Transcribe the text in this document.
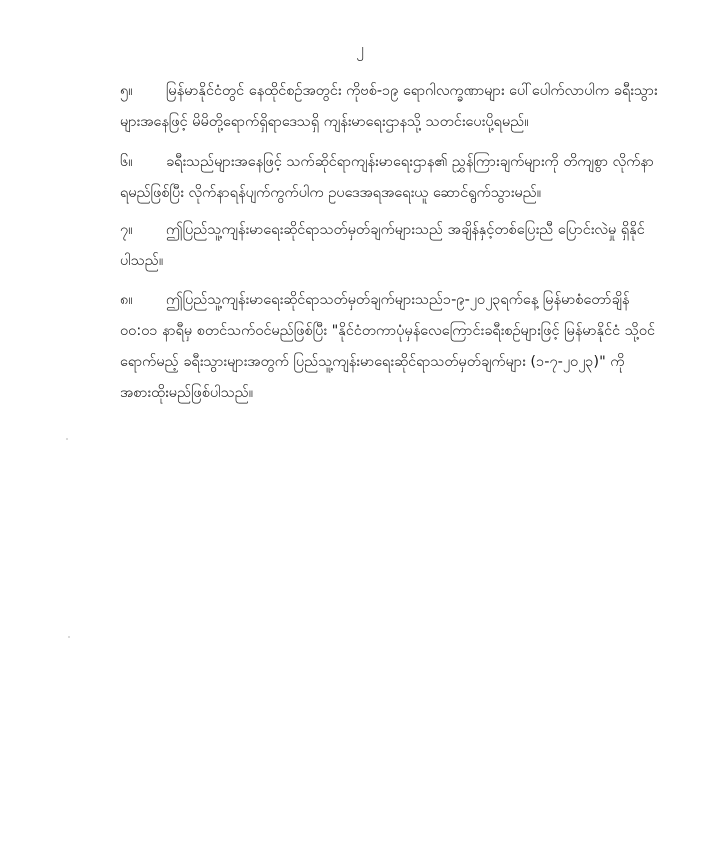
၂
၅။ မြန်မာနိုင်ငံတွင် နေထိုင်စဉ်အတွင်း ကိုဗစ်-၁၉ ရောဂါလက္ခဏာများ ပေါ်ပေါက်လာပါက ခရီးသွားများအနေဖြင့် မိမိတို့ရောက်ရှိရာဒေသရှိ ကျန်းမာရေးဌာနသို့ သတင်းပေးပို့ရမည်။
၆။ ခရီးသည်များအနေဖြင့် သက်ဆိုင်ရာကျန်းမာရေးဌာန၏ ညွှန်ကြားချက်များကို တိကျစွာ လိုက်နာရမည်ဖြစ်ပြီး လိုက်နာရန်ပျက်ကွက်ပါက ဥပဒေအရအရေးယူ ဆောင်ရွက်သွားမည်။
၇။ ဤပြည်သူ့ကျန်းမာရေးဆိုင်ရာသတ်မှတ်ချက်များသည် အချိန်နှင့်တစ်ပြေးညီ ပြောင်းလဲမှု ရှိနိုင်ပါသည်။
၈။ ဤပြည်သူ့ကျန်းမာရေးဆိုင်ရာသတ်မှတ်ချက်များသည်၁-၉-၂၀၂၃ရက်နေ့ မြန်မာစံတော်ချိန် ၀၀:၀၁ နာရီမှ စတင်သက်ဝင်မည်ဖြစ်ပြီး "နိုင်ငံတကာပုံမှန်လေကြောင်းခရီးစဉ်များဖြင့် မြန်မာနိုင်ငံ သို့ဝင်ရောက်မည့် ခရီးသွားများအတွက် ပြည်သူ့ကျန်းမာရေးဆိုင်ရာသတ်မှတ်ချက်များ (၁-၇-၂၀၂၃)" ကို အစားထိုးမည်ဖြစ်ပါသည်။
